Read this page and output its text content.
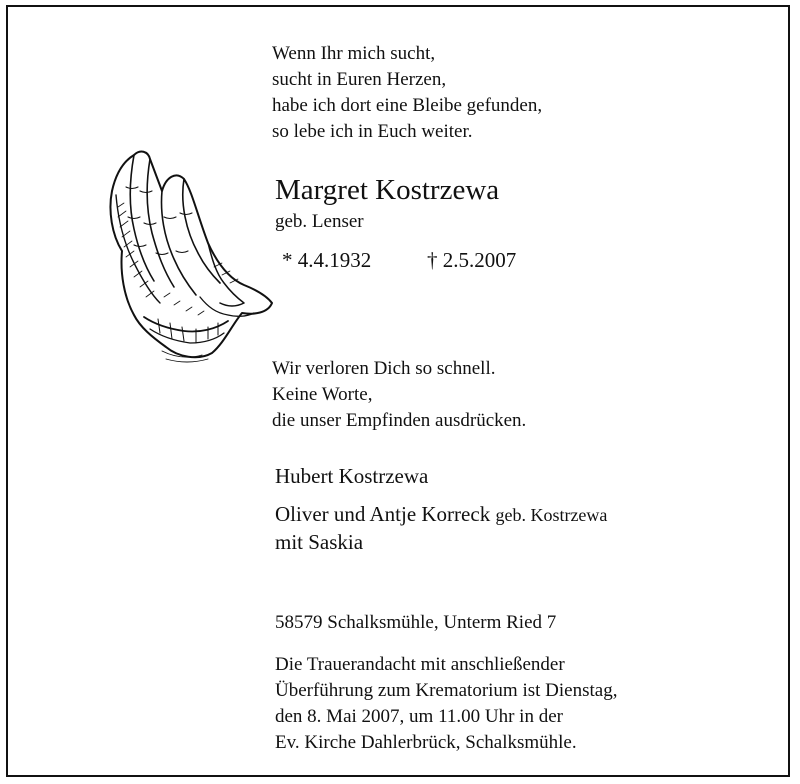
Wenn Ihr mich sucht,
sucht in Euren Herzen,
habe ich dort eine Bleibe gefunden,
so lebe ich in Euch weiter.

Margret Kostrzewa
geb. Lenser
* 4.4.1932	† 2.5.2007

Wir verloren Dich so schnell.
Keine Worte,
die unser Empfinden ausdrücken.

Hubert Kostrzewa
Oliver und Antje Korreck geb. Kostrzewa
mit Saskia
58579 Schalksmühle, Unterm Ried 7

Die Trauerandacht mit anschließender
Überführung zum Krematorium ist Dienstag,
den 8. Mai 2007, um 11.00 Uhr in der
Ev. Kirche Dahlerbrück, Schalksmühle.
